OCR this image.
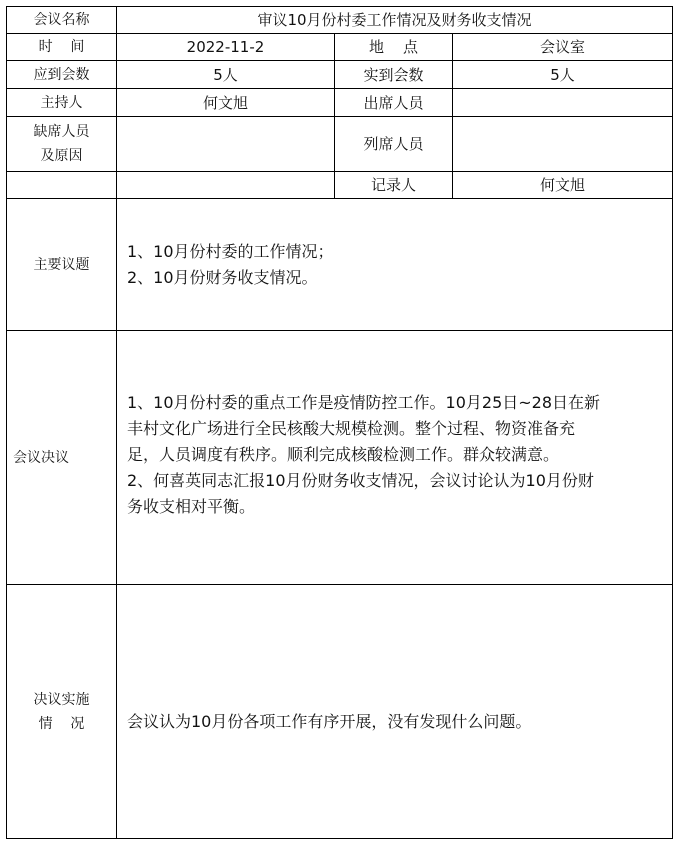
会议名称	审议10月份村委工作情况及财务收支情况		
时    间	2022-11-2	地    点	会议室
应到会数	5人	实到会数	5人
主持人	何文旭	出席人员	

缺席人员
及原因		列席人员	
		记录人	何文旭
主要议题	1、10月份村委的工作情况；
2、10月份财务收支情况。		

会议决议	1、10月份村委的重点工作是疫情防控工作。10月25日~28日在新
丰村文化广场进行全民核酸大规模检测。整个过程、物资准备充
足，人员调度有秩序。顺利完成核酸检测工作。群众较满意。
2、何喜英同志汇报10月份财务收支情况，会议讨论认为10月份财
务收支相对平衡。		

决议实施
情    况	会议认为10月份各项工作有序开展，没有发现什么问题。		
